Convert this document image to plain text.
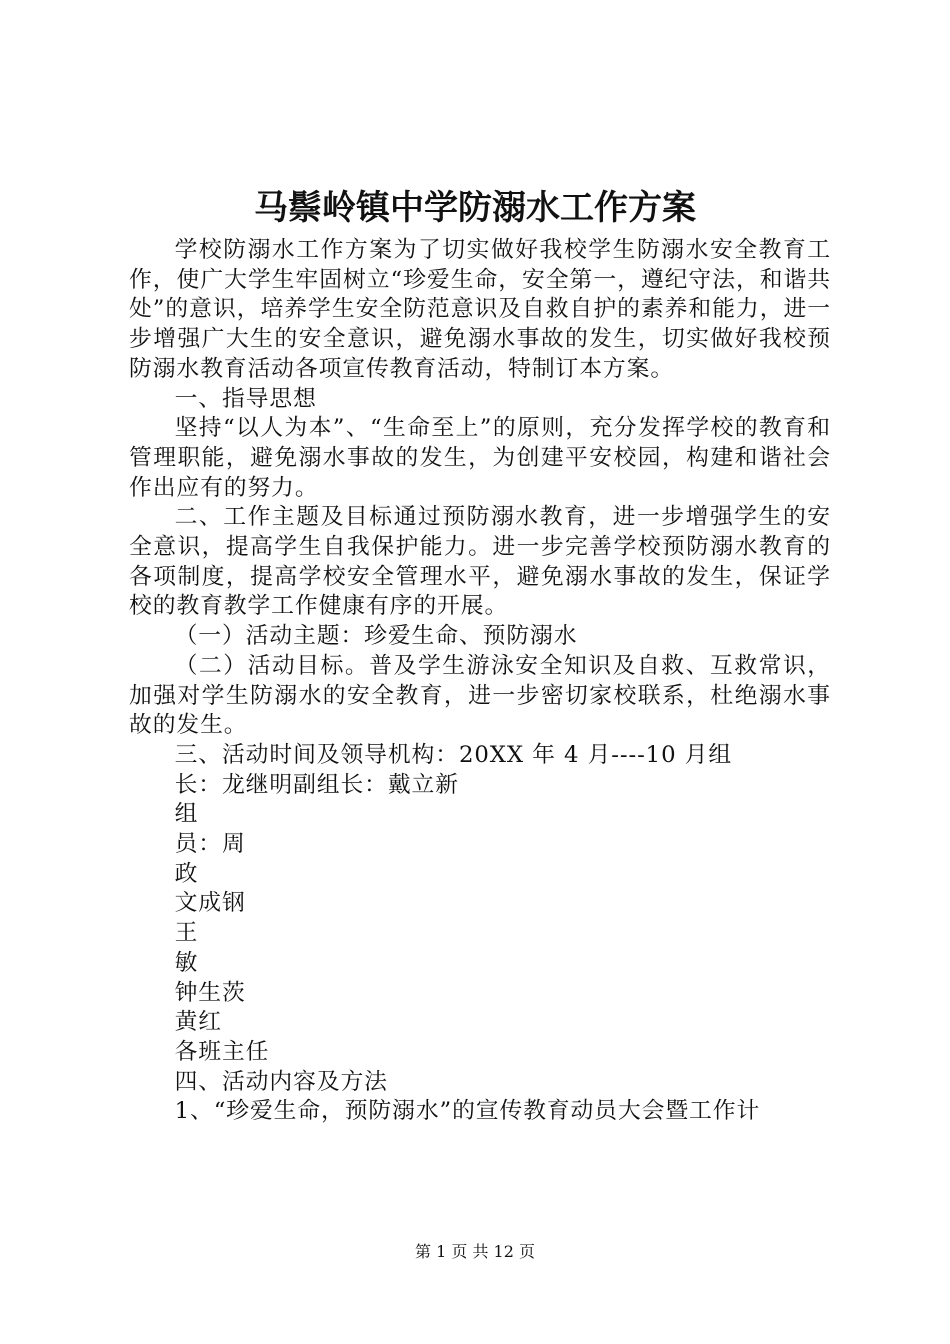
马鬃岭镇中学防溺水工作方案

学校防溺水工作方案为了切实做好我校学生防溺水安全教育工作，使广大学生牢固树立“珍爱生命，安全第一，遵纪守法，和谐共处”的意识，培养学生安全防范意识及自救自护的素养和能力，进一步增强广大生的安全意识，避免溺水事故的发生，切实做好我校预防溺水教育活动各项宣传教育活动，特制订本方案。

一、指导思想

坚持“以人为本”、“生命至上”的原则，充分发挥学校的教育和管理职能，避免溺水事故的发生，为创建平安校园，构建和谐社会作出应有的努力。

二、工作主题及目标通过预防溺水教育，进一步增强学生的安全意识，提高学生自我保护能力。进一步完善学校预防溺水教育的各项制度，提高学校安全管理水平，避免溺水事故的发生，保证学校的教育教学工作健康有序的开展。

（一）活动主题：珍爱生命、预防溺水

（二）活动目标。普及学生游泳安全知识及自救、互救常识，加强对学生防溺水的安全教育，进一步密切家校联系，杜绝溺水事故的发生。

三、活动时间及领导机构：20XX 年 4 月----10 月组

长：龙继明副组长：戴立新

组

员：周

政

文成钢

王

敏

钟生茨

黄红

各班主任

四、活动内容及方法

1、“珍爱生命，预防溺水”的宣传教育动员大会暨工作计

第 1 页 共 12 页
